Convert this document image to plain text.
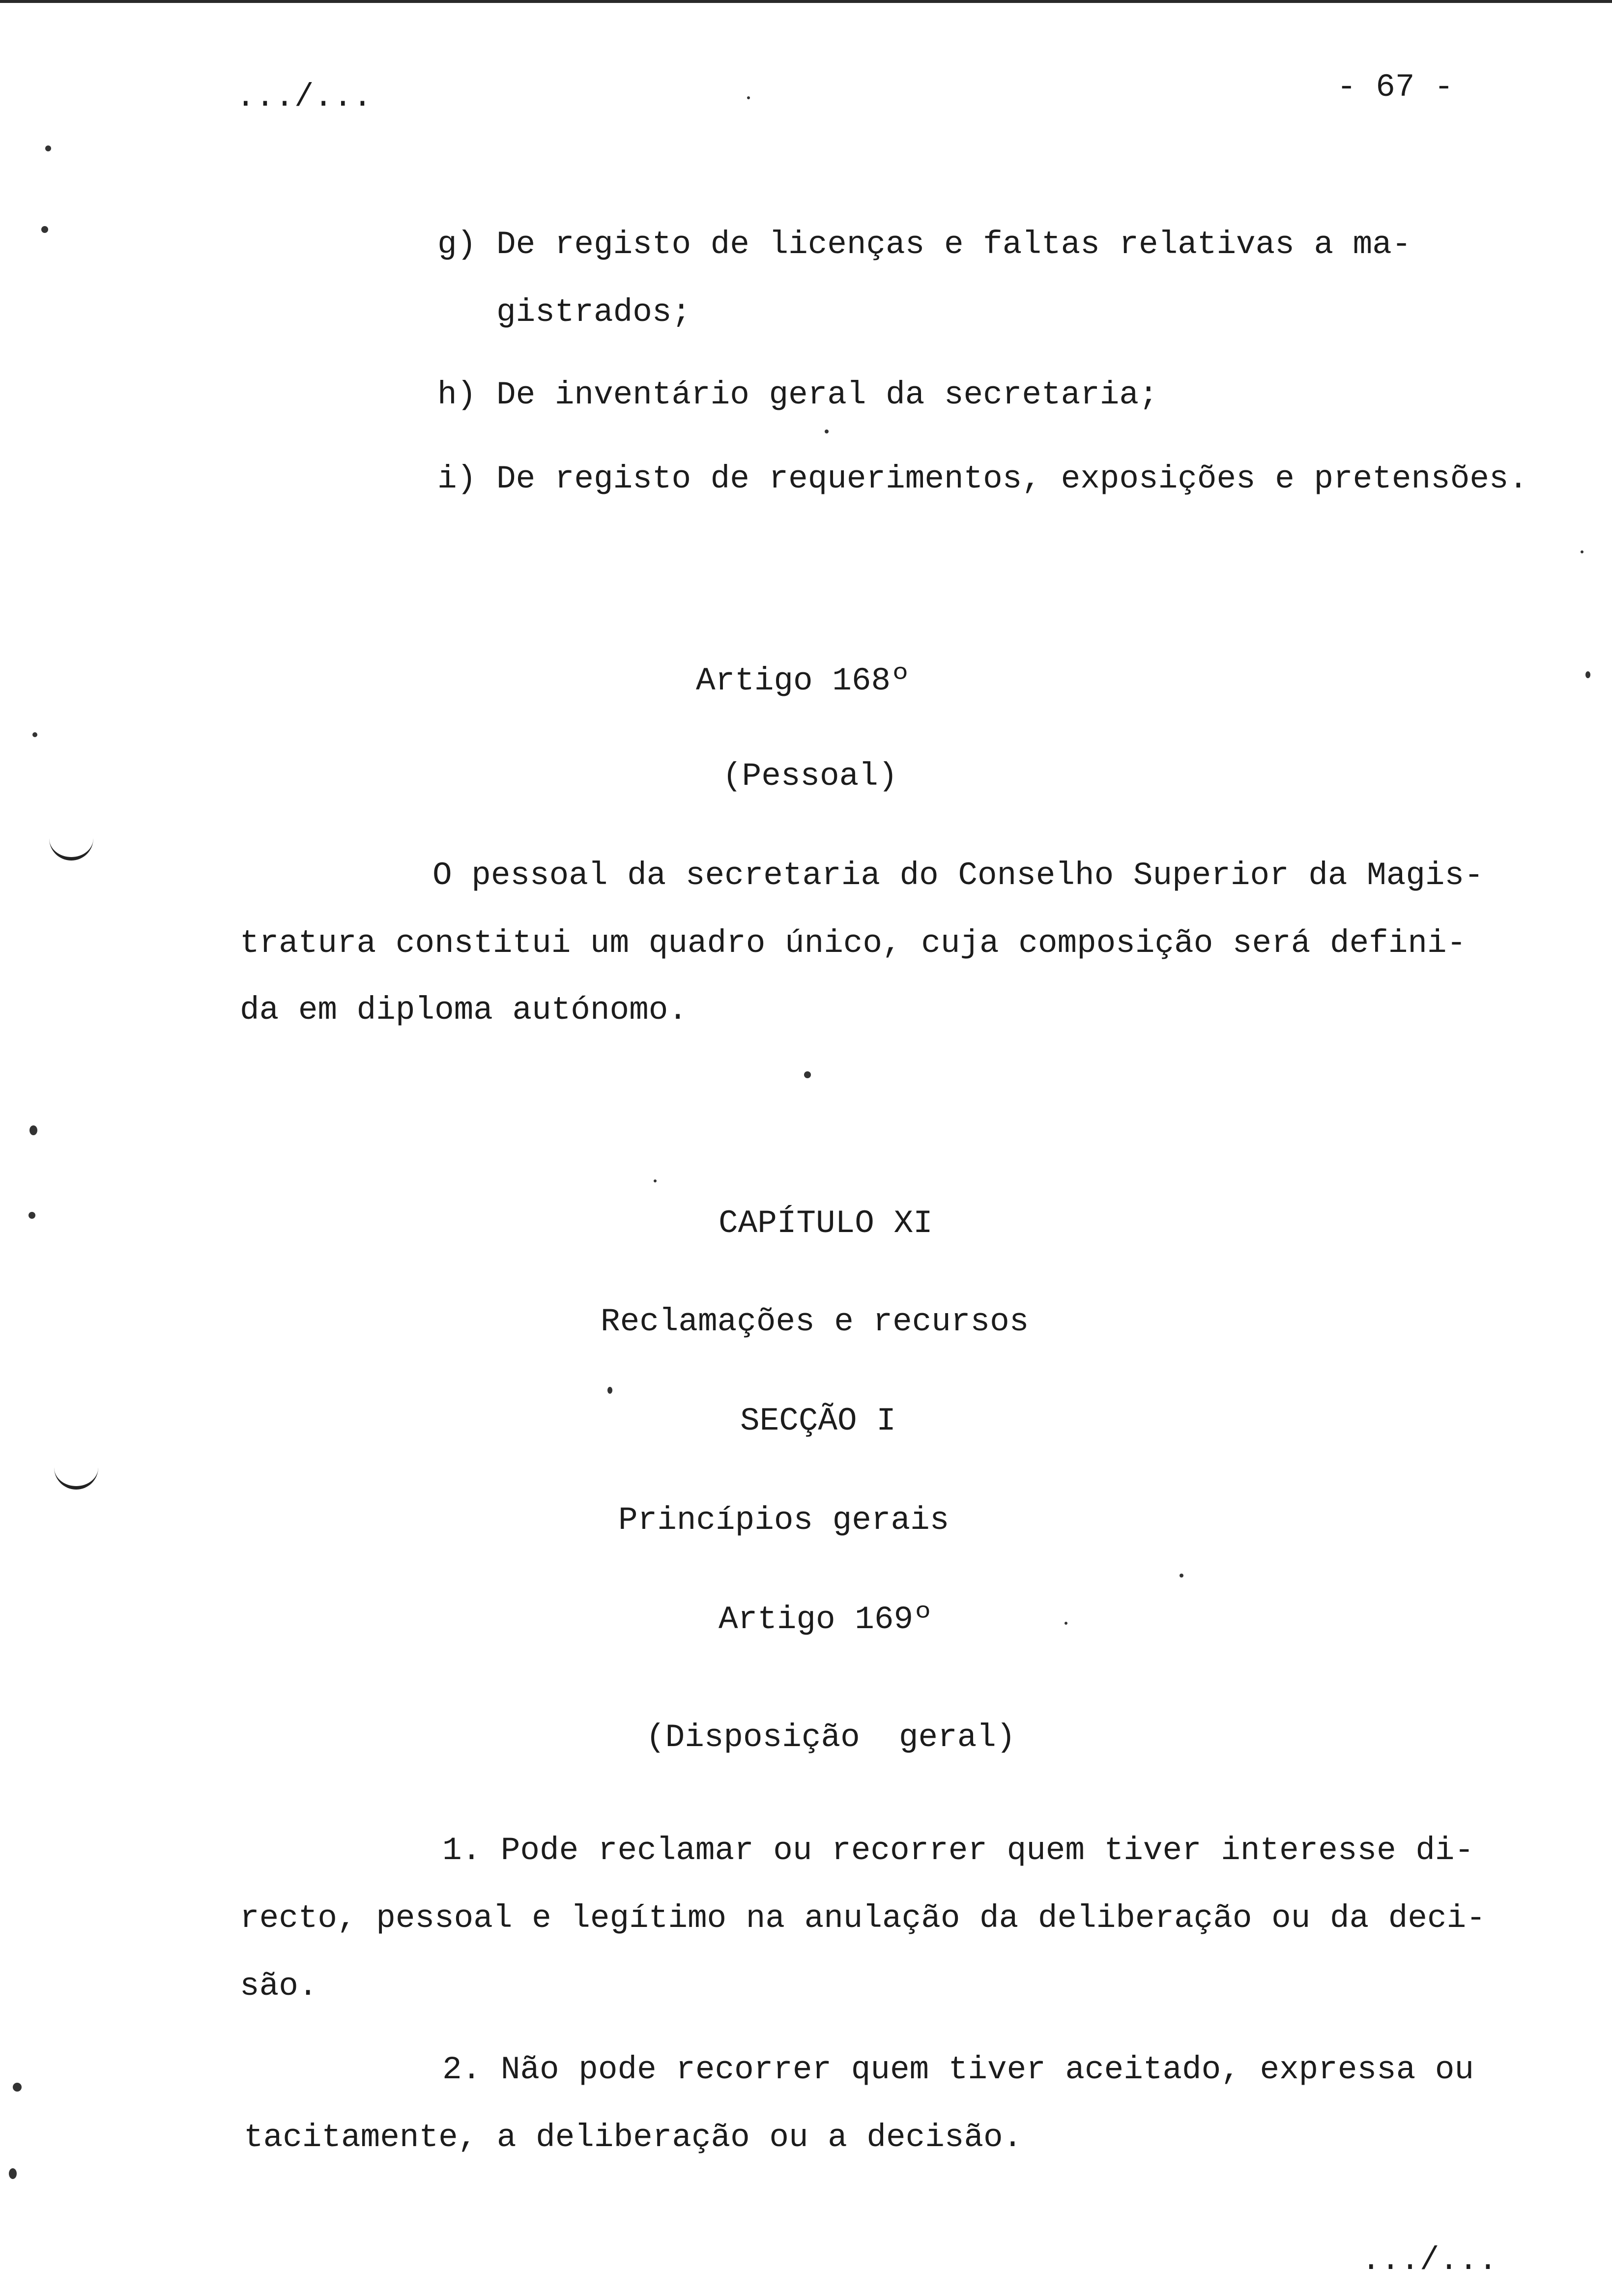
.../...	- 67 -
g) De registo de licenças e faltas relativas a ma-
gistrados;
h) De inventário geral da secretaria;
i) De registo de requerimentos, exposições e pretensões.
Artigo 168º
(Pessoal)
O pessoal da secretaria do Conselho Superior da Magis-
tratura constitui um quadro único, cuja composição será defini-
da em diploma autónomo.
CAPÍTULO XI
Reclamações e recursos
SECÇÃO I
Princípios gerais
Artigo 169º
(Disposição  geral)
1. Pode reclamar ou recorrer quem tiver interesse di-
recto, pessoal e legítimo na anulação da deliberação ou da deci-
são.
2. Não pode recorrer quem tiver aceitado, expressa ou
tacitamente, a deliberação ou a decisão.
.../...
